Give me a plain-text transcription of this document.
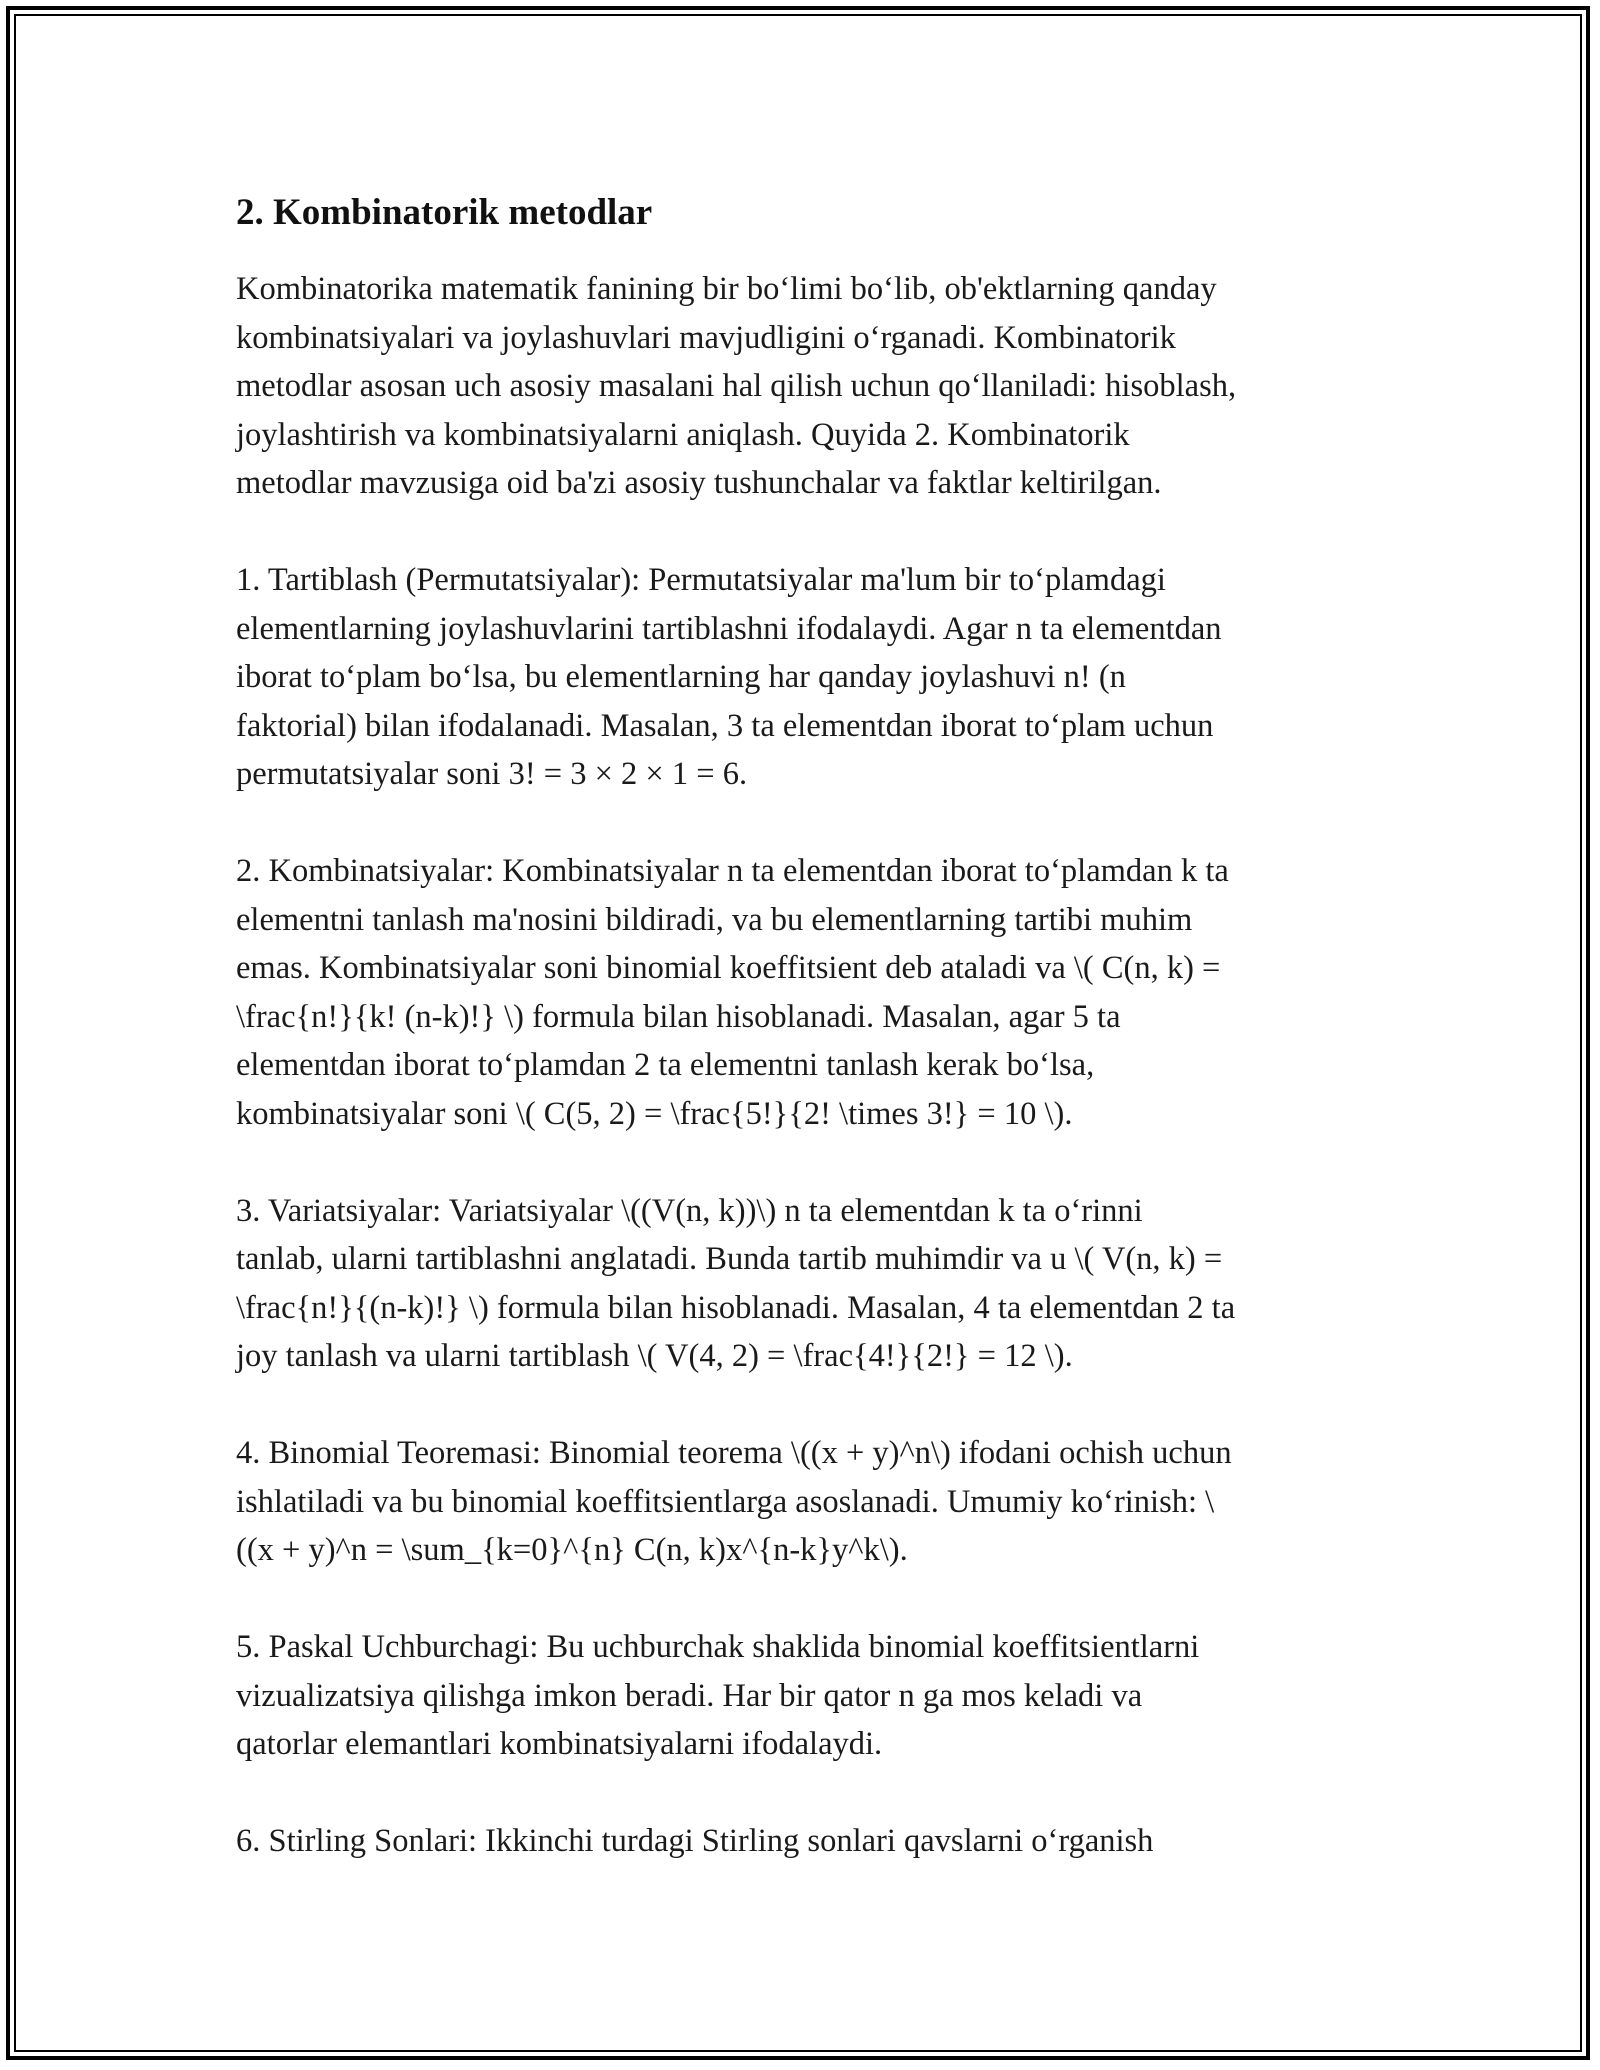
2. Kombinatorik metodlar
Kombinatorika matematik fanining bir bo‘limi bo‘lib, ob'ektlarning qanday
kombinatsiyalari va joylashuvlari mavjudligini o‘rganadi. Kombinatorik
metodlar asosan uch asosiy masalani hal qilish uchun qo‘llaniladi: hisoblash,
joylashtirish va kombinatsiyalarni aniqlash. Quyida 2. Kombinatorik
metodlar mavzusiga oid ba'zi asosiy tushunchalar va faktlar keltirilgan.
1. Tartiblash (Permutatsiyalar): Permutatsiyalar ma'lum bir to‘plamdagi
elementlarning joylashuvlarini tartiblashni ifodalaydi. Agar n ta elementdan
iborat to‘plam bo‘lsa, bu elementlarning har qanday joylashuvi n! (n
faktorial) bilan ifodalanadi. Masalan, 3 ta elementdan iborat to‘plam uchun
permutatsiyalar soni 3! = 3 × 2 × 1 = 6.
2. Kombinatsiyalar: Kombinatsiyalar n ta elementdan iborat to‘plamdan k ta
elementni tanlash ma'nosini bildiradi, va bu elementlarning tartibi muhim
emas. Kombinatsiyalar soni binomial koeffitsient deb ataladi va \( C(n, k) =
\frac{n!}{k! (n-k)!} \) formula bilan hisoblanadi. Masalan, agar 5 ta
elementdan iborat to‘plamdan 2 ta elementni tanlash kerak bo‘lsa,
kombinatsiyalar soni \( C(5, 2) = \frac{5!}{2! \times 3!} = 10 \).
3. Variatsiyalar: Variatsiyalar \((V(n, k))\) n ta elementdan k ta o‘rinni
tanlab, ularni tartiblashni anglatadi. Bunda tartib muhimdir va u \( V(n, k) =
\frac{n!}{(n-k)!} \) formula bilan hisoblanadi. Masalan, 4 ta elementdan 2 ta
joy tanlash va ularni tartiblash \( V(4, 2) = \frac{4!}{2!} = 12 \).
4. Binomial Teoremasi: Binomial teorema \((x + y)^n\) ifodani ochish uchun
ishlatiladi va bu binomial koeffitsientlarga asoslanadi. Umumiy ko‘rinish: \
((x + y)^n = \sum_{k=0}^{n} C(n, k)x^{n-k}y^k\).
5. Paskal Uchburchagi: Bu uchburchak shaklida binomial koeffitsientlarni
vizualizatsiya qilishga imkon beradi. Har bir qator n ga mos keladi va
qatorlar elemantlari kombinatsiyalarni ifodalaydi.
6. Stirling Sonlari: Ikkinchi turdagi Stirling sonlari qavslarni o‘rganish
